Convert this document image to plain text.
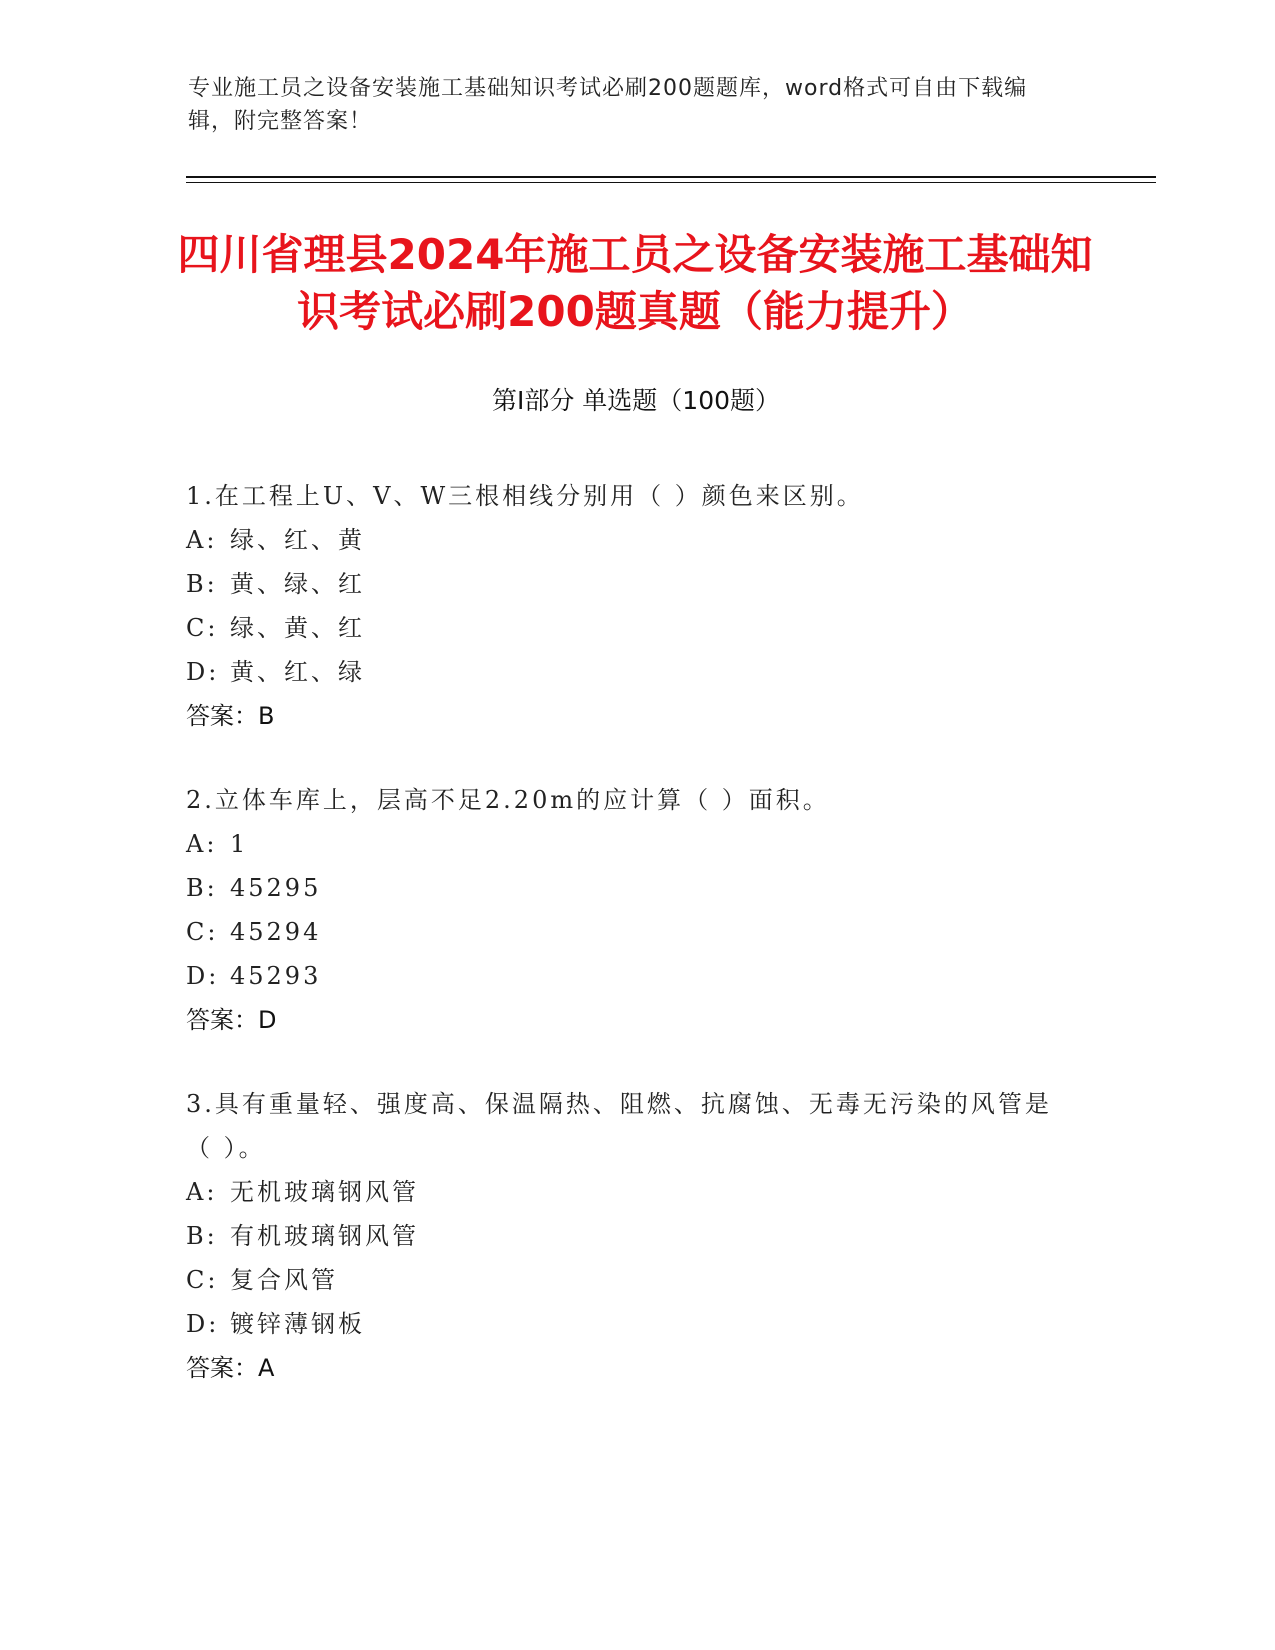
专业施工员之设备安装施工基础知识考试必刷200题题库，word格式可自由下载编辑，附完整答案！
四川省理县2024年施工员之设备安装施工基础知识考试必刷200题真题（能力提升）
第Ⅰ部分 单选题（100题）
1.在工程上U、V、W三根相线分别用（ ）颜色来区别。
A: 绿、红、黄
B: 黄、绿、红
C: 绿、黄、红
D: 黄、红、绿
答案：B
2.立体车库上，层高不足2.20m的应计算（ ）面积。
A: 1
B: 45295
C: 45294
D: 45293
答案：D
3.具有重量轻、强度高、保温隔热、阻燃、抗腐蚀、无毒无污染的风管是（ ）。
A: 无机玻璃钢风管
B: 有机玻璃钢风管
C: 复合风管
D: 镀锌薄钢板
答案：A
